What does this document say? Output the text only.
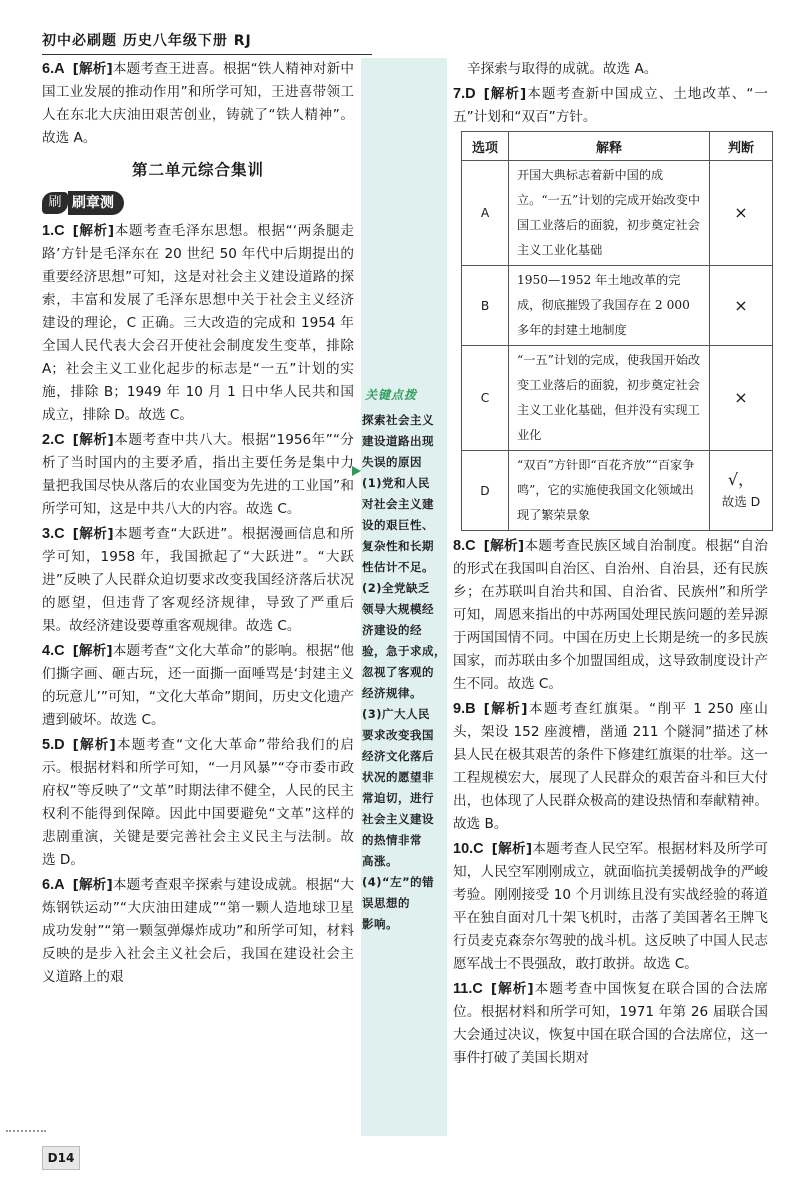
初中必刷题 历史八年级下册 RJ

6.A [解析]本题考查王进喜。根据“铁人精神对新中国工业发展的推动作用”和所学可知，王进喜带领工人在东北大庆油田艰苦创业，铸就了“铁人精神”。故选 A。

第二单元综合集训
刷 刷章测

1.C [解析]本题考查毛泽东思想。根据“‘两条腿走路’方针是毛泽东在 20 世纪 50 年代中后期提出的重要经济思想”可知，这是对社会主义建设道路的探索，丰富和发展了毛泽东思想中关于社会主义经济建设的理论，C 正确。三大改造的完成和 1954 年全国人民代表大会召开使社会制度发生变革，排除 A；社会主义工业化起步的标志是“一五”计划的实施，排除 B；1949 年 10 月 1 日中华人民共和国成立，排除 D。故选 C。

2.C [解析]本题考查中共八大。根据“1956年”“分析了当时国内的主要矛盾，指出主要任务是集中力量把我国尽快从落后的农业国变为先进的工业国”和所学可知，这是中共八大的内容。故选 C。

3.C [解析]本题考查“大跃进”。根据漫画信息和所学可知，1958 年，我国掀起了“大跃进”。“大跃进”反映了人民群众迫切要求改变我国经济落后状况的愿望，但违背了客观经济规律，导致了严重后果。故经济建设要尊重客观规律。故选 C。

4.C [解析]本题考查“文化大革命”的影响。根据“他们撕字画、砸古玩，还一面撕一面唾骂是‘封建主义的玩意儿’”可知，“文化大革命”期间，历史文化遗产遭到破坏。故选 C。

5.D [解析]本题考查“文化大革命”带给我们的启示。根据材料和所学可知，“一月风暴”“夺市委市政府权”等反映了“文革”时期法律不健全，人民的民主权利不能得到保障。因此中国要避免“文革”这样的悲剧重演，关键是要完善社会主义民主与法制。故选 D。

6.A [解析]本题考查艰辛探索与建设成就。根据“大炼钢铁运动”“大庆油田建成”“第一颗人造地球卫星成功发射”“第一颗氢弹爆炸成功”和所学可知，材料反映的是步入社会主义社会后，我国在建设社会主义道路上的艰

关键点拨
探索社会主义
建设道路出现
失误的原因
(1)党和人民
对社会主义建
设的艰巨性、
复杂性和长期
性估计不足。
(2)全党缺乏
领导大规模经
济建设的经
验，急于求成，
忽视了客观的
经济规律。
(3)广大人民
要求改变我国
经济文化落后
状况的愿望非
常迫切，进行
社会主义建设
的热情非常
高涨。
(4)“左”的错
误思想的
影响。

辛探索与取得的成就。故选 A。

7.D [解析]本题考查新中国成立、土地改革、“一五”计划和“双百”方针。

选项	解释	判断
A	开国大典标志着新中国的成立。“一五”计划的完成开始改变中国工业落后的面貌，初步奠定社会主义工业化基础	×
B	1950—1952 年土地改革的完成，彻底摧毁了我国存在 2 000 多年的封建土地制度	×
C	“一五”计划的完成，使我国开始改变工业落后的面貌，初步奠定社会主义工业化基础，但并没有实现工业化	×
D	“双百”方针即“百花齐放”“百家争鸣”，它的实施使我国文化领域出现了繁荣景象	√，
故选 D

8.C [解析]本题考查民族区域自治制度。根据“自治的形式在我国叫自治区、自治州、自治县，还有民族乡；在苏联叫自治共和国、自治省、民族州”和所学可知，周恩来指出的中苏两国处理民族问题的差异源于两国国情不同。中国在历史上长期是统一的多民族国家，而苏联由多个加盟国组成，这导致制度设计产生不同。故选 C。

9.B [解析]本题考查红旗渠。“削平 1 250 座山头，架设 152 座渡槽，凿通 211 个隧洞”描述了林县人民在极其艰苦的条件下修建红旗渠的壮举。这一工程规模宏大，展现了人民群众的艰苦奋斗和巨大付出，也体现了人民群众极高的建设热情和奉献精神。故选 B。

10.C [解析]本题考查人民空军。根据材料及所学可知，人民空军刚刚成立，就面临抗美援朝战争的严峻考验。刚刚接受 10 个月训练且没有实战经验的蒋道平在独自面对几十架飞机时，击落了美国著名王牌飞行员麦克森奈尔驾驶的战斗机。这反映了中国人民志愿军战士不畏强敌，敢打敢拼。故选 C。

11.C [解析]本题考查中国恢复在联合国的合法席位。根据材料和所学可知，1971 年第 26 届联合国大会通过决议，恢复中国在联合国的合法席位，这一事件打破了美国长期对

D14
